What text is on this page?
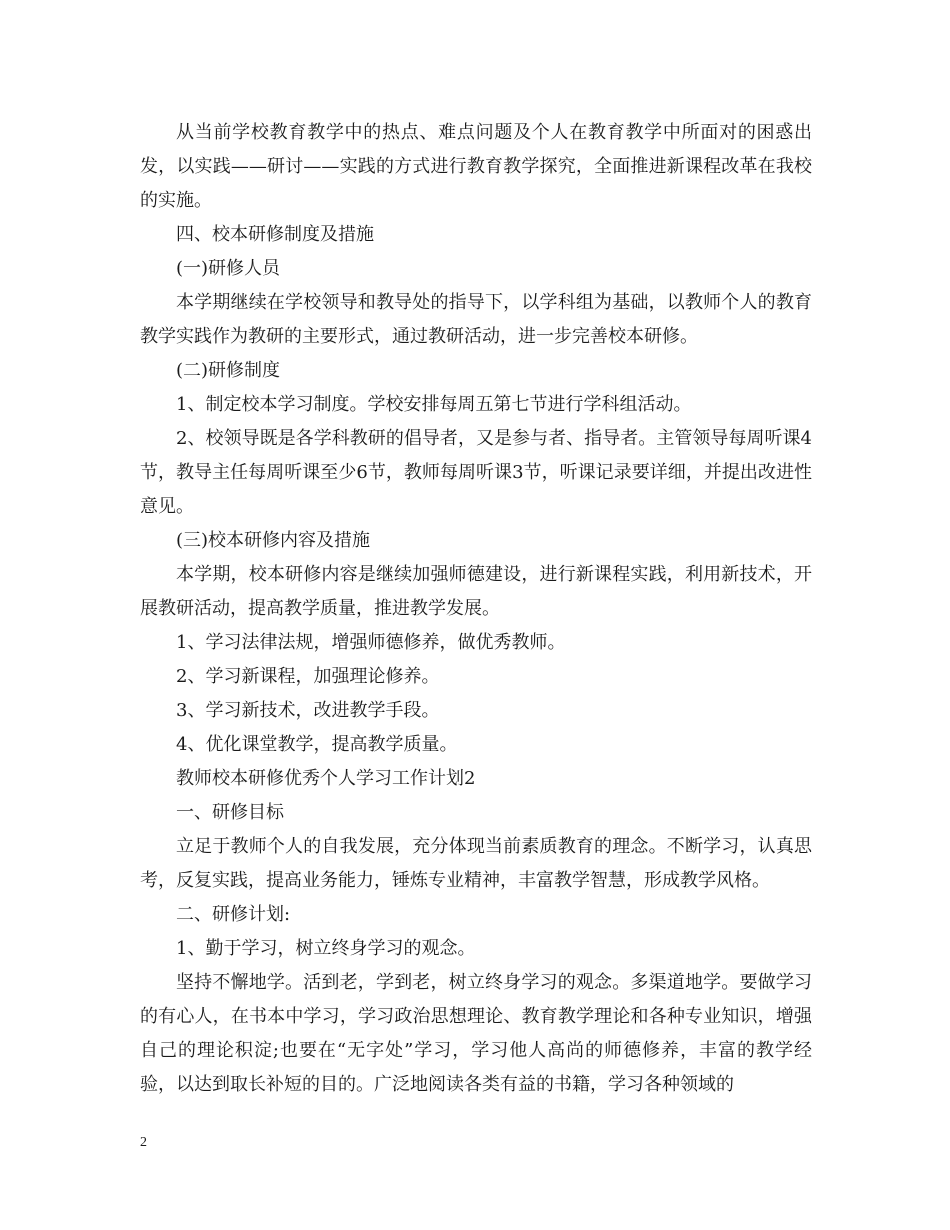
从当前学校教育教学中的热点、难点问题及个人在教育教学中所面对的困惑出发，以实践——研讨——实践的方式进行教育教学探究，全面推进新课程改革在我校的实施。

四、校本研修制度及措施

(一)研修人员

本学期继续在学校领导和教导处的指导下，以学科组为基础，以教师个人的教育教学实践作为教研的主要形式，通过教研活动，进一步完善校本研修。

(二)研修制度

1、制定校本学习制度。学校安排每周五第七节进行学科组活动。

2、校领导既是各学科教研的倡导者，又是参与者、指导者。主管领导每周听课4节，教导主任每周听课至少6节，教师每周听课3节，听课记录要详细，并提出改进性意见。

(三)校本研修内容及措施

本学期，校本研修内容是继续加强师德建设，进行新课程实践，利用新技术，开展教研活动，提高教学质量，推进教学发展。

1、学习法律法规，增强师德修养，做优秀教师。

2、学习新课程，加强理论修养。

3、学习新技术，改进教学手段。

4、优化课堂教学，提高教学质量。

教师校本研修优秀个人学习工作计划2

一、研修目标

立足于教师个人的自我发展，充分体现当前素质教育的理念。不断学习，认真思考，反复实践，提高业务能力，锤炼专业精神，丰富教学智慧，形成教学风格。

二、研修计划:

1、勤于学习，树立终身学习的观念。

坚持不懈地学。活到老，学到老，树立终身学习的观念。多渠道地学。要做学习的有心人，在书本中学习，学习政治思想理论、教育教学理论和各种专业知识，增强自己的理论积淀;也要在“无字处”学习，学习他人高尚的师德修养，丰富的教学经验，以达到取长补短的目的。广泛地阅读各类有益的书籍，学习各种领域的

2
